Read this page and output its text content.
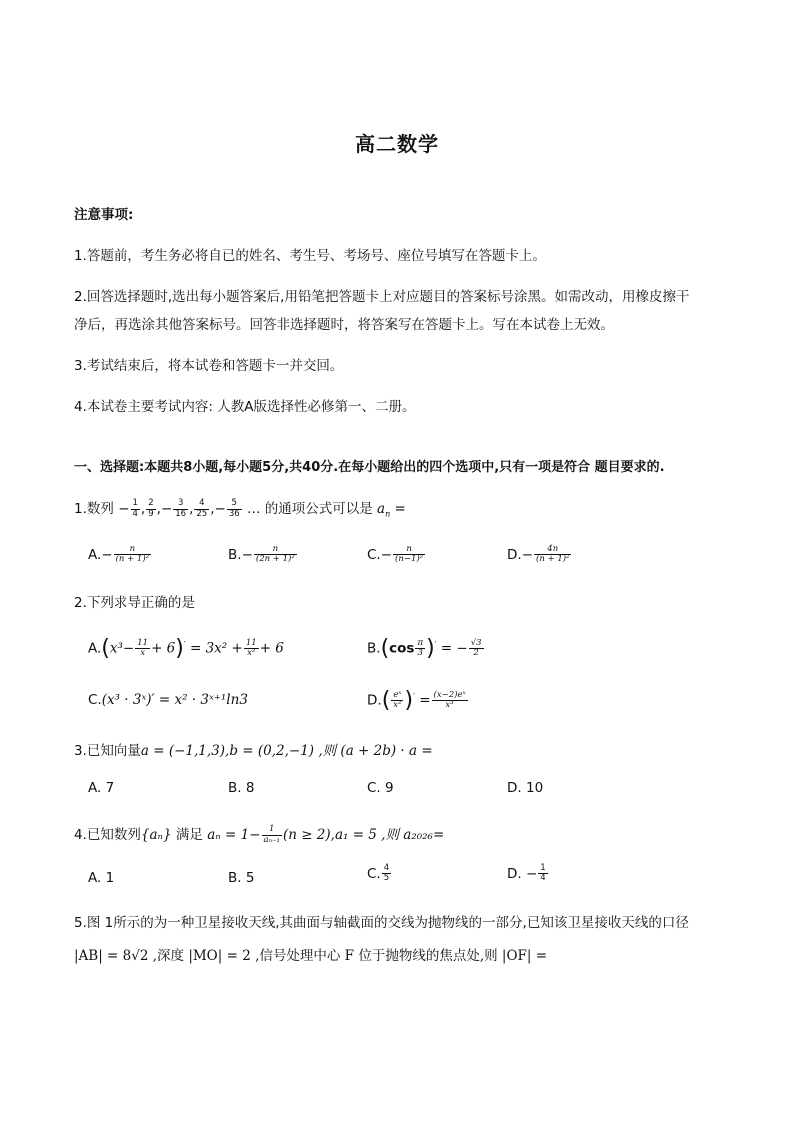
高二数学
注意事项:
1.答题前，考生务必将自已的姓名、考生号、考场号、座位号填写在答题卡上。
2.回答选择题时,选出每小题答案后,用铅笔把答题卡上对应题目的答案标号涂黑。如需改动，用橡皮擦干
净后，再选涂其他答案标号。回答非选择题时，将答案写在答题卡上。写在本试卷上无效。
3.考试结束后，将本试卷和答题卡一并交回。
4.本试卷主要考试内容: 人教A版选择性必修第一、二册。
一、选择题:本题共8小题,每小题5分,共40分.在每小题给出的四个选项中,只有一项是符合 题目要求的.
1.数列 − $\frac{1}{4}$ , $\frac{2}{9}$ ,− $\frac{3}{16}$ , $\frac{4}{25}$ ,− $\frac{5}{36}$ … 的通项公式可以是 $a_n$ =
$A.- \frac{n}{\text{(n + 1)²}}$	$B.- \frac{n}{\text{(2n + 1)²}}$	$C.- \frac{n}{\text{(n−1)²}}$	$D.- \frac{4n}{\text{(n + 1)²}}$
2.下列求导正确的是
$A.(x^3- \frac{11}{x} + 6)' = 3x^2 + \frac{11}{\text{x²}} + 6$	$B.(\cos \frac{\pi}{3} )'$ = − $\frac{√3}{2}$
C.(x³ · 3ˣ)′ = x² · 3ˣ⁺¹ln3	$D.( \frac{\text{eˣ}}{\text{x²}} )' = \frac{\text{(x−2)eˣ}}{\text{x³}}$
3.已知向量a = (−1,1,3),b = (0,2,−1) ,则 (a + 2b) · a =
A. 7	B. 8	C. 9	D. 10
4.已知数列{aₙ} 满足 $a_n = 1- \frac{1}{\text{aₙ₋₁}} (n \ge 2),a_1 = 5$ ,则 a₂₀₂₆=
A. 1	B. 5	C. $\frac{4}{5}$	D. − $\frac{1}{4}$
5.图 1所示的为一种卫星接收天线,其曲面与轴截面的交线为抛物线的一部分,已知该卫星接收天线的口径
|AB| = 8√2 ,深度 |MO| = 2 ,信号处理中心 F 位于抛物线的焦点处,则 |OF| =
